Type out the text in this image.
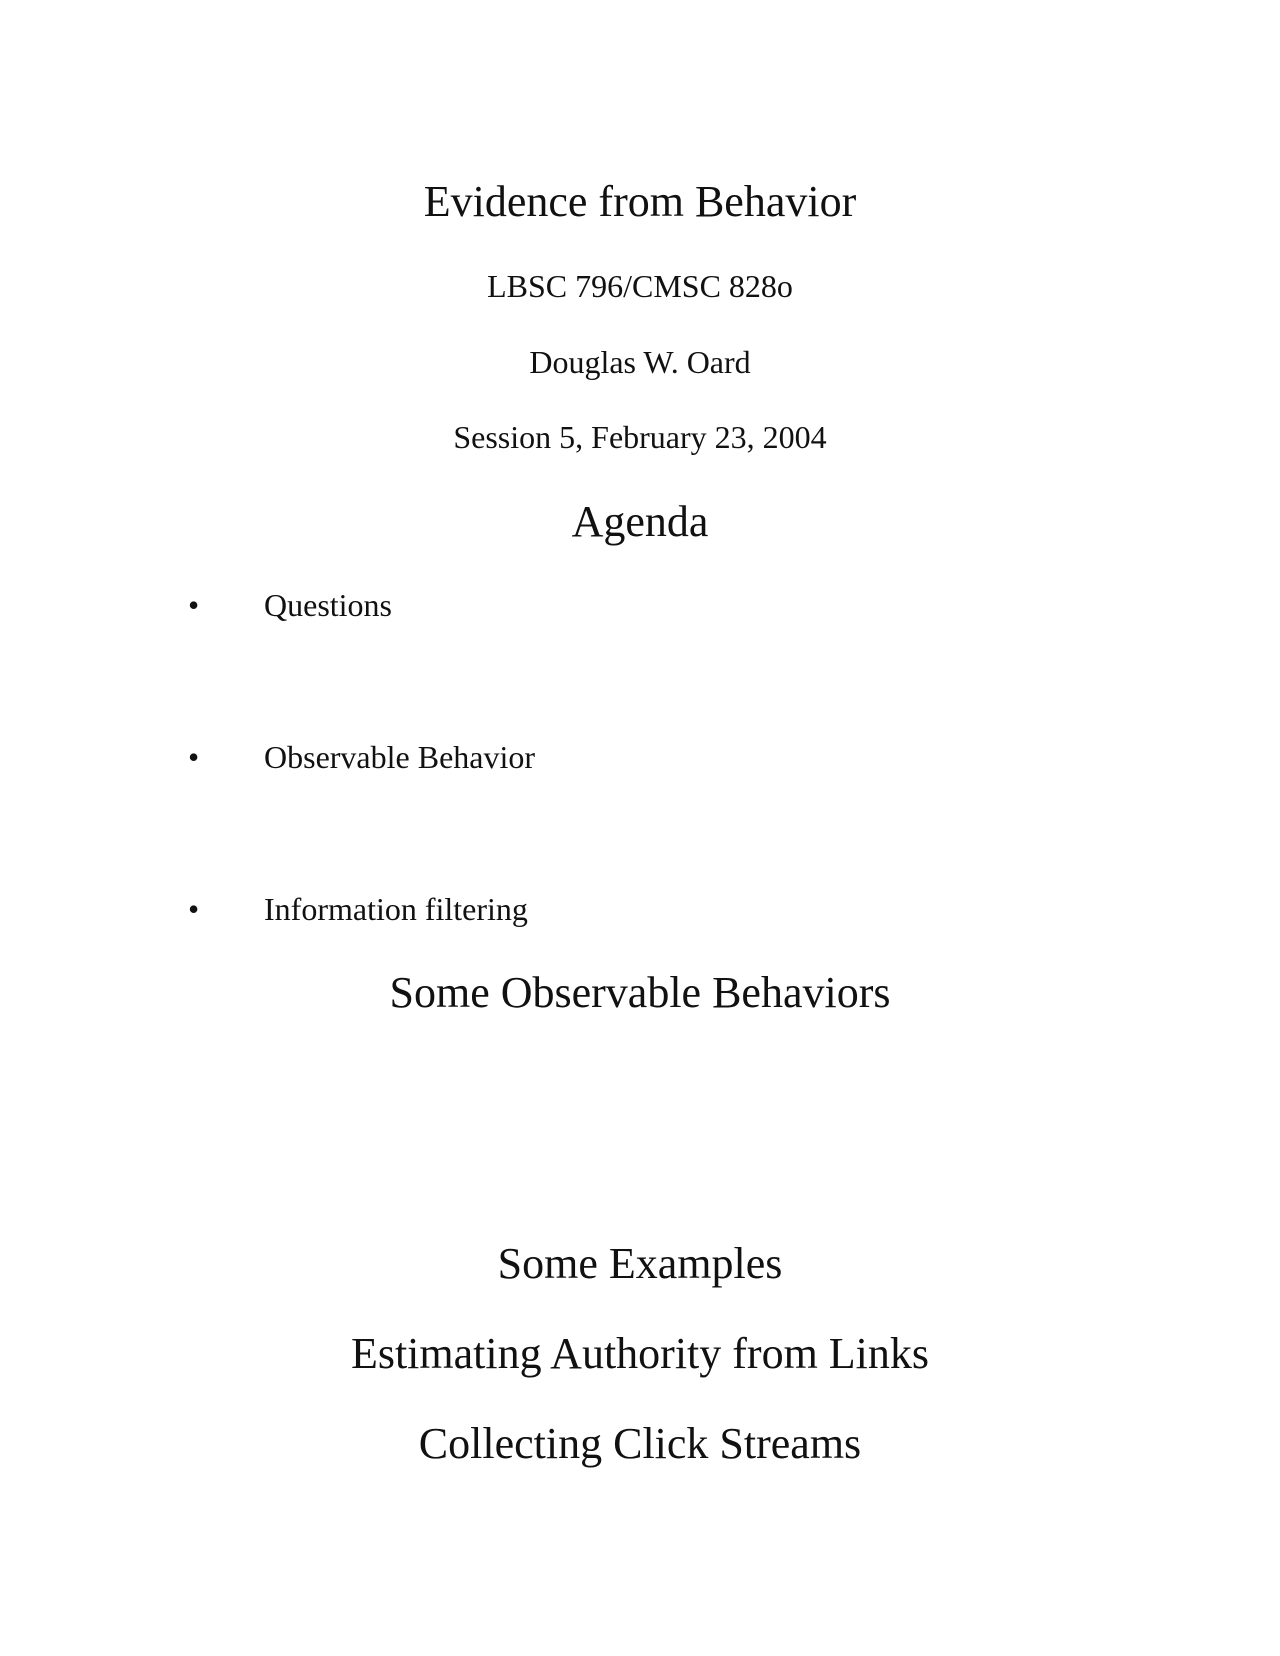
Evidence from Behavior
LBSC 796/CMSC 828o
Douglas W. Oard
Session 5, February 23, 2004
Agenda
• Questions
• Observable Behavior
• Information filtering
Some Observable Behaviors
Some Examples
Estimating Authority from Links
Collecting Click Streams
